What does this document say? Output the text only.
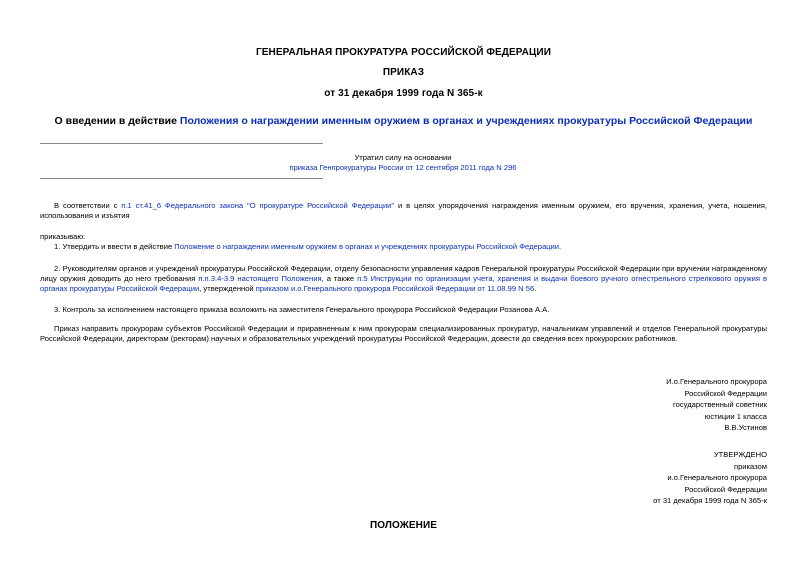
ГЕНЕРАЛЬНАЯ ПРОКУРАТУРА РОССИЙСКОЙ ФЕДЕРАЦИИ
ПРИКАЗ
от 31 декабря 1999 года N 365-к
О введении в действие Положения о награждении именным оружием в органах и учреждениях прокуратуры Российской Федерации
Утратил силу на основании
приказа Генпрокуратуры России от 12 сентября 2011 года N 296
В соответствии с п.1 ст.41_6 Федерального закона "О прокуратуре Российской Федерации" и в целях упорядочения награждения именным оружием, его вручения, хранения, учета, ношения, использования и изъятия
приказываю:
1. Утвердить и ввести в действие Положение о награждении именным оружием в органах и учреждениях прокуратуры Российской Федерации.
2. Руководителям органов и учреждений прокуратуры Российской Федерации, отделу безопасности управления кадров Генеральной прокуратуры Российской Федерации при вручении награжденному лицу оружия доводить до него требования п.п.3.4-3.9 настоящего Положения, а также п.5 Инструкции по организации учета, хранения и выдачи боевого ручного огнестрельного стрелкового оружия в органах прокуратуры Российской Федерации, утвержденной приказом и.о.Генерального прокурора Российской Федерации от 11.08.99 N 56.
3. Контроль за исполнением настоящего приказа возложить на заместителя Генерального прокурора Российской Федерации Розанова А.А.
Приказ направить прокурорам субъектов Российской Федерации и приравненным к ним прокурорам специализированных прокуратур, начальникам управлений и отделов Генеральной прокуратуры Российской Федерации, директорам (ректорам) научных и образовательных учреждений прокуратуры Российской Федерации, довести до сведения всех прокурорских работников.
И.о.Генерального прокурора
Российской Федерации
государственный советник
юстиции 1 класса
В.В.Устинов
УТВЕРЖДЕНО
приказом
и.о.Генерального прокурора
Российской Федерации
от 31 декабря 1999 года N 365-к
ПОЛОЖЕНИЕ
